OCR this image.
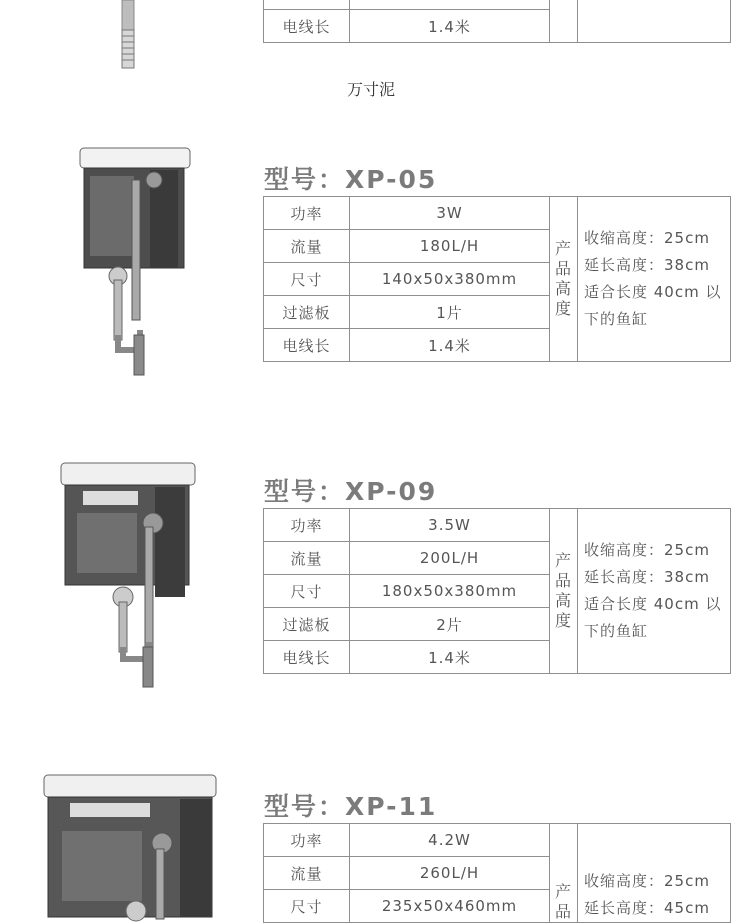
电线长	1.4米		
万寸泥
型号：XP-05
功率	3W	产品高度	收缩高度：25cm
延长高度：38cm
适合长度 40cm 以
下的鱼缸

流量	180L/H		
尺寸	140x50x380mm		
过滤板	1片		
电线长	1.4米		
型号：XP-09
功率	3.5W	产品高度	收缩高度：25cm
延长高度：38cm
适合长度 40cm 以
下的鱼缸

流量	200L/H		
尺寸	180x50x380mm		
过滤板	2片		
电线长	1.4米		
型号：XP-11
功率	4.2W	产品	收缩高度：25cm
延长高度：45cm

流量	260L/H		
尺寸	235x50x460mm		
